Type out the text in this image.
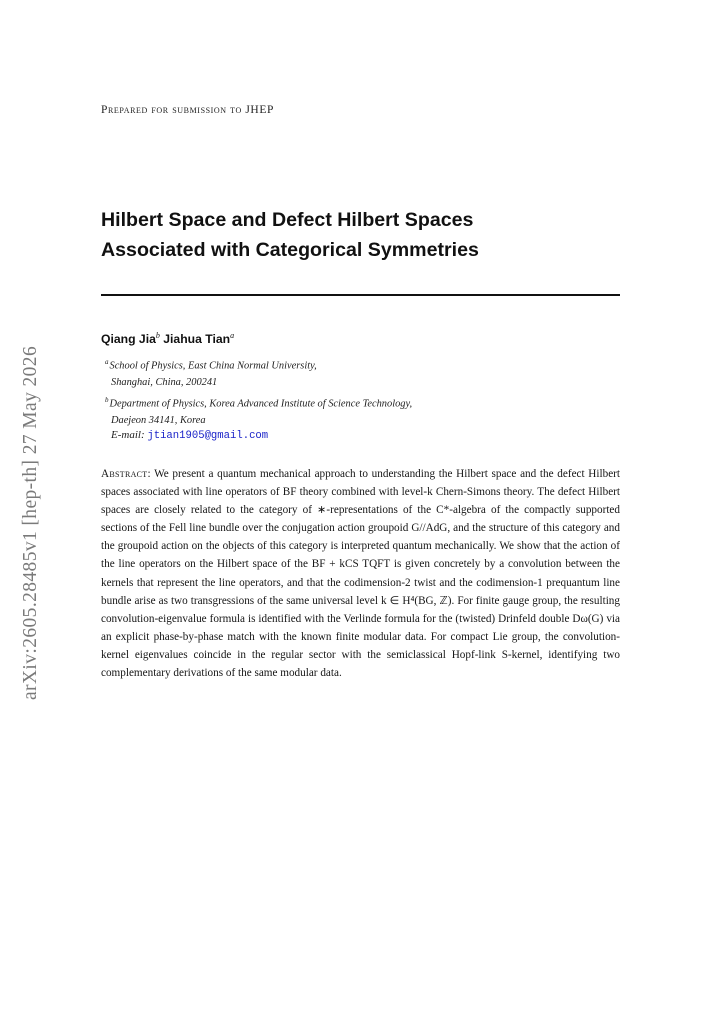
arXiv:2605.28485v1 [hep-th] 27 May 2026
Prepared for submission to JHEP
Hilbert Space and Defect Hilbert Spaces
Associated with Categorical Symmetries
Qiang Jia$^b$ Jiahua Tian$^a$
$^a$School of Physics, East China Normal University,
Shanghai, China, 200241
$^b$Department of Physics, Korea Advanced Institute of Science Technology,
Daejeon 34141, Korea
E-mail: jtian1905@gmail.com
Abstract: We present a quantum mechanical approach to understanding the Hilbert space and the defect Hilbert spaces associated with line operators of BF theory combined with level-k Chern-Simons theory. The defect Hilbert spaces are closely related to the category of ∗-representations of the C*-algebra of the compactly supported sections of the Fell line bundle over the conjugation action groupoid G//AdG, and the structure of this category and the groupoid action on the objects of this category is interpreted quantum mechanically. We show that the action of the line operators on the Hilbert space of the BF + kCS TQFT is given concretely by a convolution between the kernels that represent the line operators, and that the codimension-2 twist and the codimension-1 prequantum line bundle arise as two transgressions of the same universal level k ∈ H⁴(BG, ℤ). For finite gauge group, the resulting convolution-eigenvalue formula is identified with the Verlinde formula for the (twisted) Drinfeld double Dω(G) via an explicit phase-by-phase match with the known finite modular data. For compact Lie group, the convolution-kernel eigenvalues coincide in the regular sector with the semiclassical Hopf-link S-kernel, identifying two complementary derivations of the same modular data.
